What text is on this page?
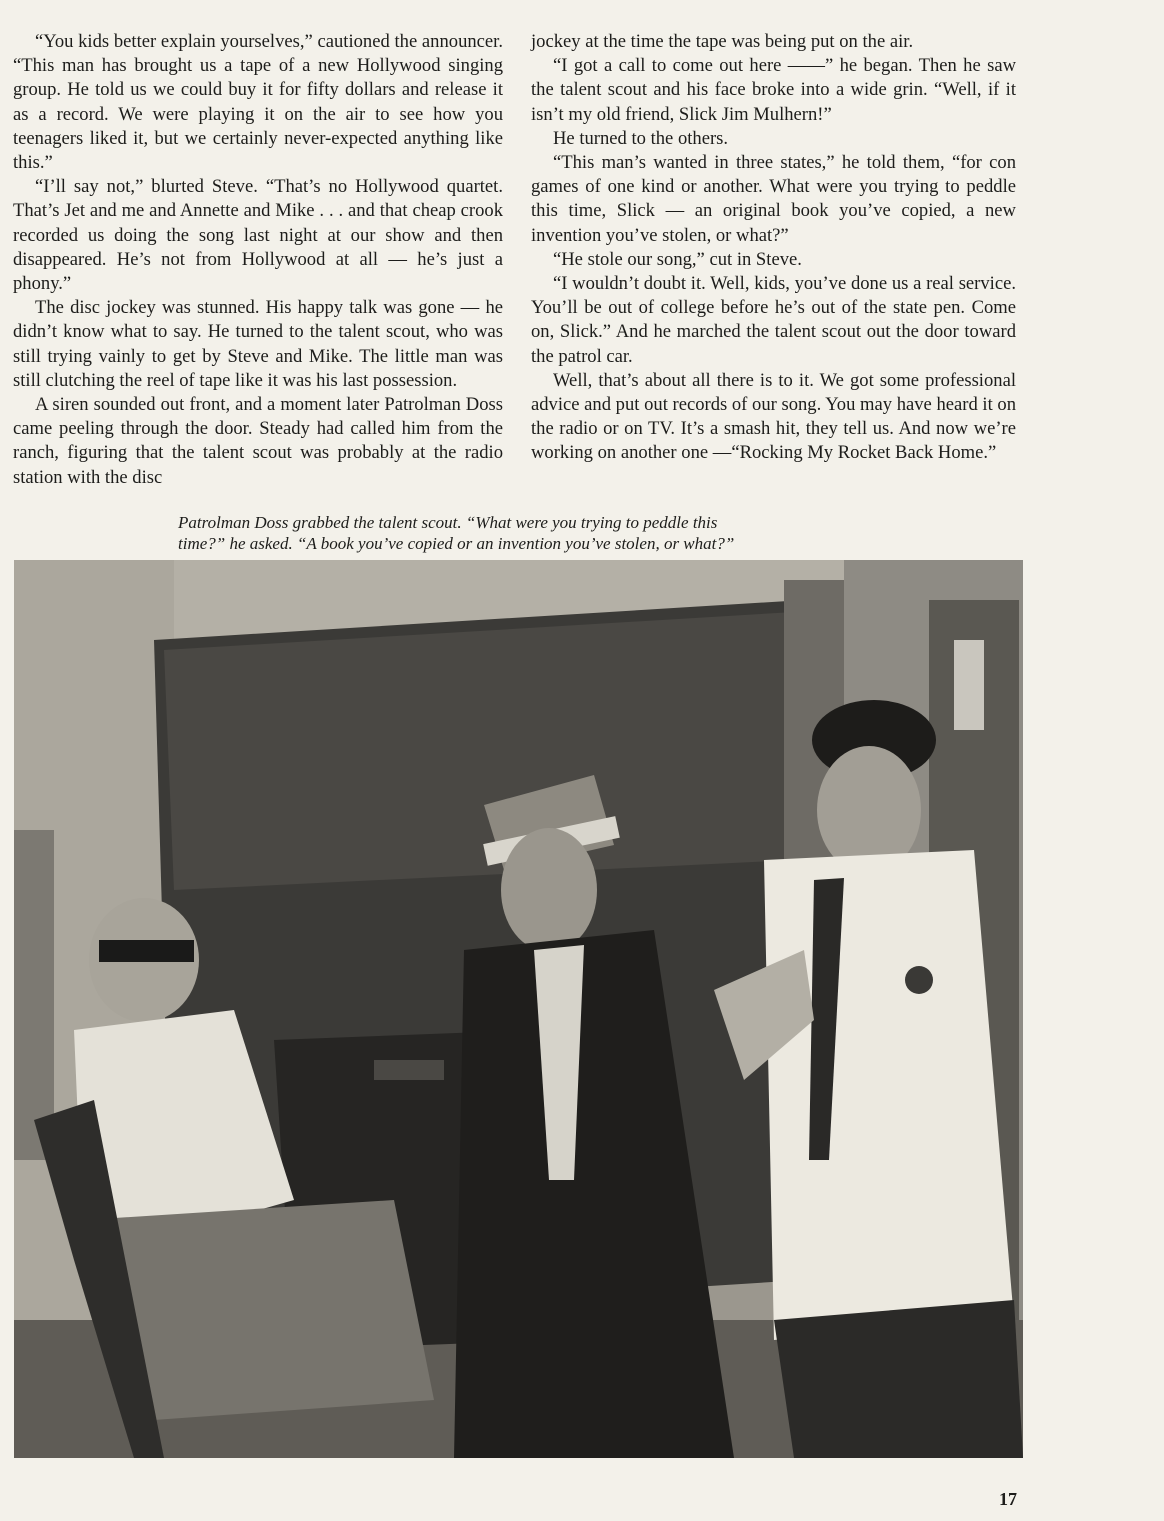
“You kids better explain yourselves,” cautioned the announcer. “This man has brought us a tape of a new Hollywood singing group. He told us we could buy it for fifty dollars and release it as a record. We were playing it on the air to see how you teenagers liked it, but we certainly never-expected anything like this.”

“I’ll say not,” blurted Steve. “That’s no Hollywood quartet. That’s Jet and me and Annette and Mike . . . and that cheap crook recorded us doing the song last night at our show and then disappeared. He’s not from Hollywood at all — he’s just a phony.”

The disc jockey was stunned. His happy talk was gone — he didn’t know what to say. He turned to the talent scout, who was still trying vainly to get by Steve and Mike. The little man was still clutching the reel of tape like it was his last possession.

A siren sounded out front, and a moment later Patrolman Doss came peeling through the door. Steady had called him from the ranch, figuring that the talent scout was probably at the radio station with the disc

jockey at the time the tape was being put on the air.

“I got a call to come out here ——” he began. Then he saw the talent scout and his face broke into a wide grin. “Well, if it isn’t my old friend, Slick Jim Mulhern!”

He turned to the others.

“This man’s wanted in three states,” he told them, “for con games of one kind or another. What were you trying to peddle this time, Slick — an original book you’ve copied, a new invention you’ve stolen, or what?”

“He stole our song,” cut in Steve.

“I wouldn’t doubt it. Well, kids, you’ve done us a real service. You’ll be out of college before he’s out of the state pen. Come on, Slick.” And he marched the talent scout out the door toward the patrol car.

Well, that’s about all there is to it. We got some professional advice and put out records of our song. You may have heard it on the radio or on TV. It’s a smash hit, they tell us. And now we’re working on another one —“Rocking My Rocket Back Home.”

Patrolman Doss grabbed the talent scout. “What were you trying to peddle this
time?” he asked. “A book you’ve copied or an invention you’ve stolen, or what?”
17
